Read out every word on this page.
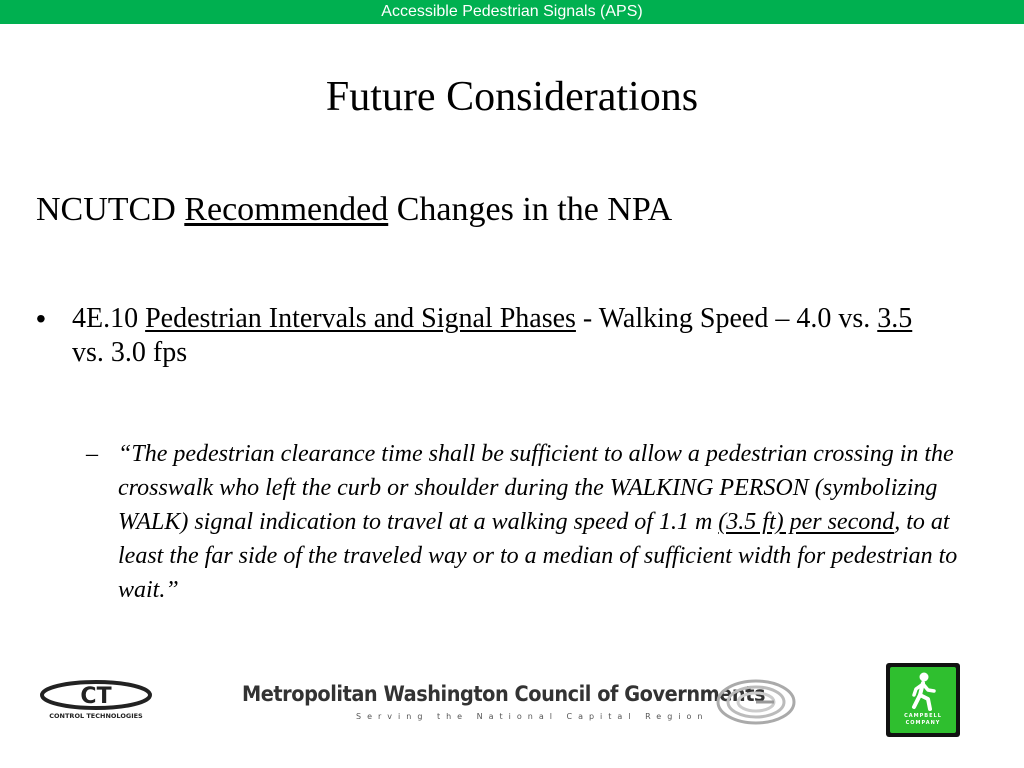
Accessible Pedestrian Signals (APS)
Future Considerations
NCUTCD Recommended Changes in the NPA
• 4E.10 Pedestrian Intervals and Signal Phases - Walking Speed – 4.0 vs. 3.5 vs. 3.0 fps
– “The pedestrian clearance time shall be sufficient to allow a pedestrian crossing in the crosswalk who left the curb or shoulder during the WALKING PERSON (symbolizing WALK) signal indication to travel at a walking speed of 1.1 m (3.5 ft) per second, to at least the far side of the traveled way or to a median of sufficient width for pedestrian to wait.”
CT
CONTROL TECHNOLOGIES
Metropolitan Washington Council of Governments
Serving the National Capital Region	CAMPBELL
COMPANY
